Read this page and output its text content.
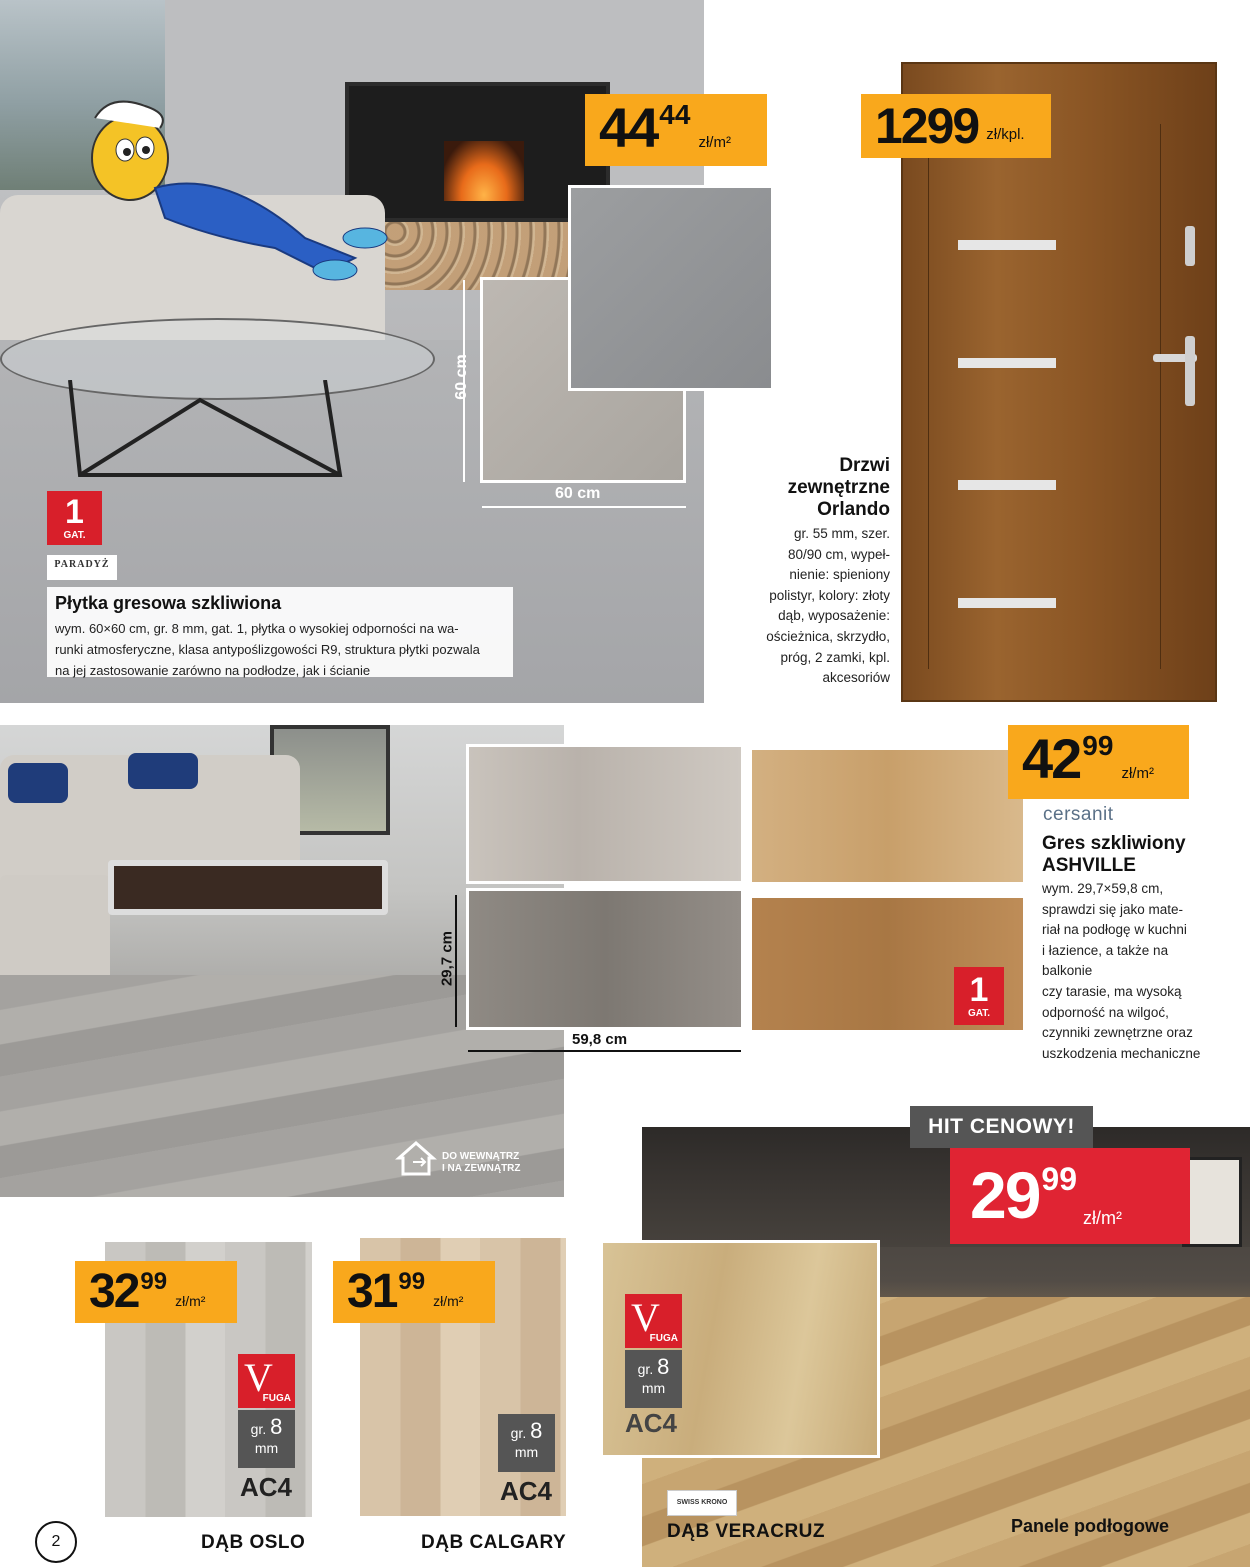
60 cm
60 cm
44 44
zł/m²
1
GAT.
PARADYŻ
Płytka gresowa szkliwiona
wym. 60×60 cm, gr. 8 mm, gat. 1, płytka o wysokiej odporności na wa-
runki atmosferyczne, klasa antypoślizgowości R9, struktura płytki pozwala
na jej zastosowanie zarówno na podłodze, jak i ścianie
1299 zł/kpl.
Drzwi
zewnętrzne
Orlando
gr. 55 mm, szer.
80/90 cm, wypeł-
nienie: spieniony
polistyr, kolory: złoty
dąb, wyposażenie:
ościeżnica, skrzydło,
próg, 2 zamki, kpl.
akcesoriów
29,7 cm
59,8 cm
1
GAT.
DO WEWNĄTRZ
I NA ZEWNĄTRZ
42 99
zł/m²
cersanit
Gres szkliwiony
ASHVILLE
wym. 29,7×59,8 cm,
sprawdzi się jako mate-
riał na podłogę w kuchni
i łazience, a także na
balkonie
czy tarasie, ma wysoką
odporność na wilgoć,
czynniki zewnętrzne oraz
uszkodzenia mechaniczne
HIT CENOWY!
29 99
zł/m²
V
FUGA
gr. 8
mm
AC4
SWISS KRONO
DĄB VERACRUZ	Panele podłogowe
32 99
zł/m²
V
FUGA
gr. 8
mm
AC4
DĄB OSLO
31 99
zł/m²
gr. 8
mm
AC4
DĄB CALGARY
2
